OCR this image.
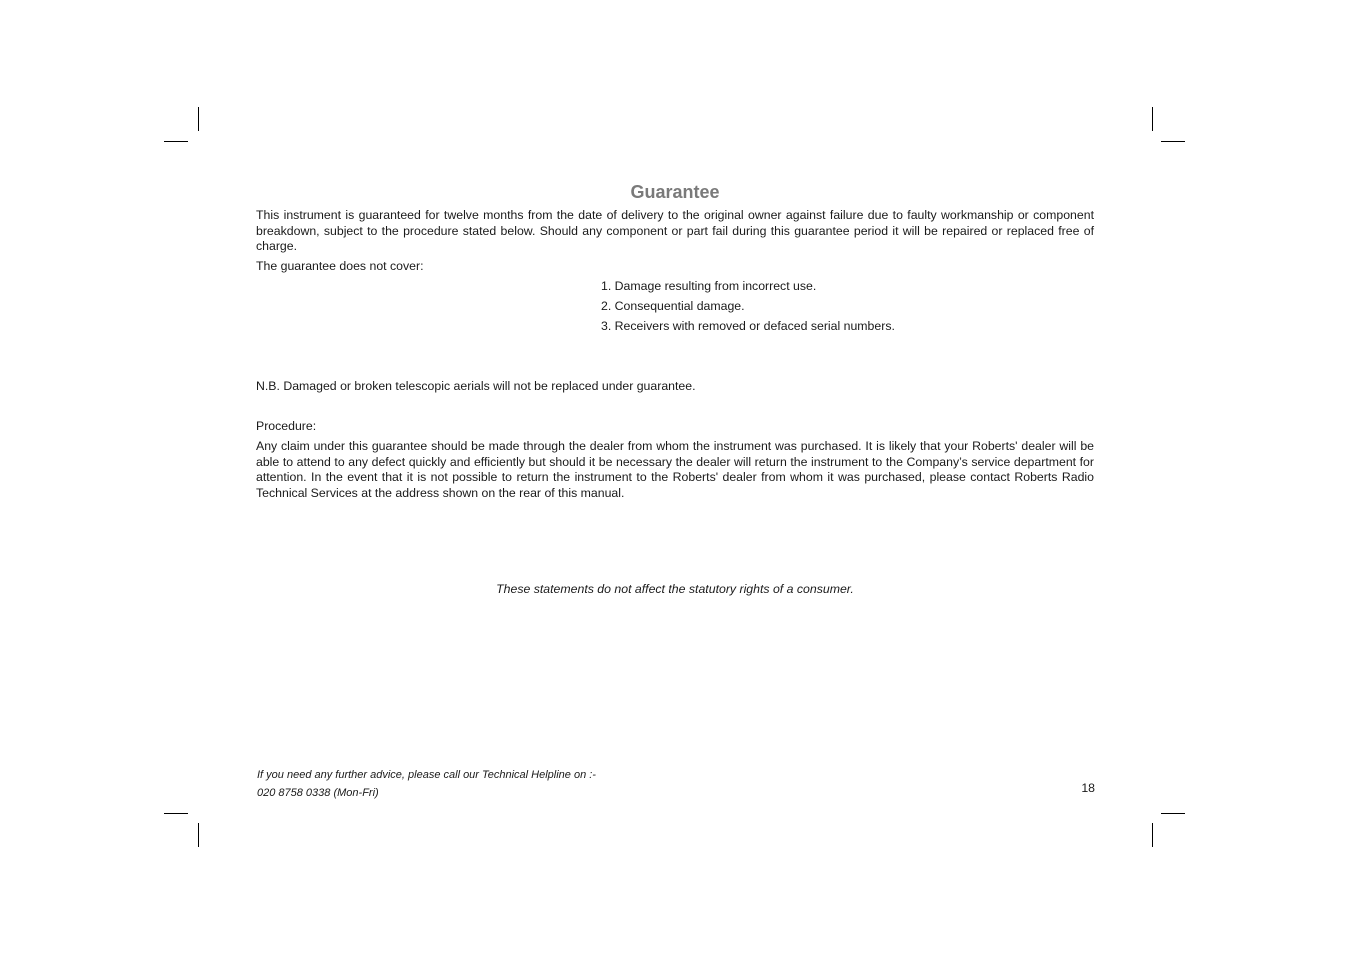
Guarantee

This instrument is guaranteed for twelve months from the date of delivery to the original owner against failure due to faulty workmanship or component breakdown, subject to the procedure stated below. Should any component or part fail during this guarantee period it will be repaired or replaced free of charge.

The guarantee does not cover:

1. Damage resulting from incorrect use.
2. Consequential damage.
3. Receivers with removed or defaced serial numbers.

N.B. Damaged or broken telescopic aerials will not be replaced under guarantee.

Procedure:

Any claim under this guarantee should be made through the dealer from whom the instrument was purchased. It is likely that your Roberts' dealer will be able to attend to any defect quickly and efficiently but should it be necessary the dealer will return the instrument to the Company’s service department for attention. In the event that it is not possible to return the instrument to the Roberts' dealer from whom it was purchased, please contact Roberts Radio Technical Services at the address shown on the rear of this manual.

These statements do not affect the statutory rights of a consumer.

If you need any further advice, please call our Technical Helpline on :-

020 8758 0338 (Mon-Fri)	18
